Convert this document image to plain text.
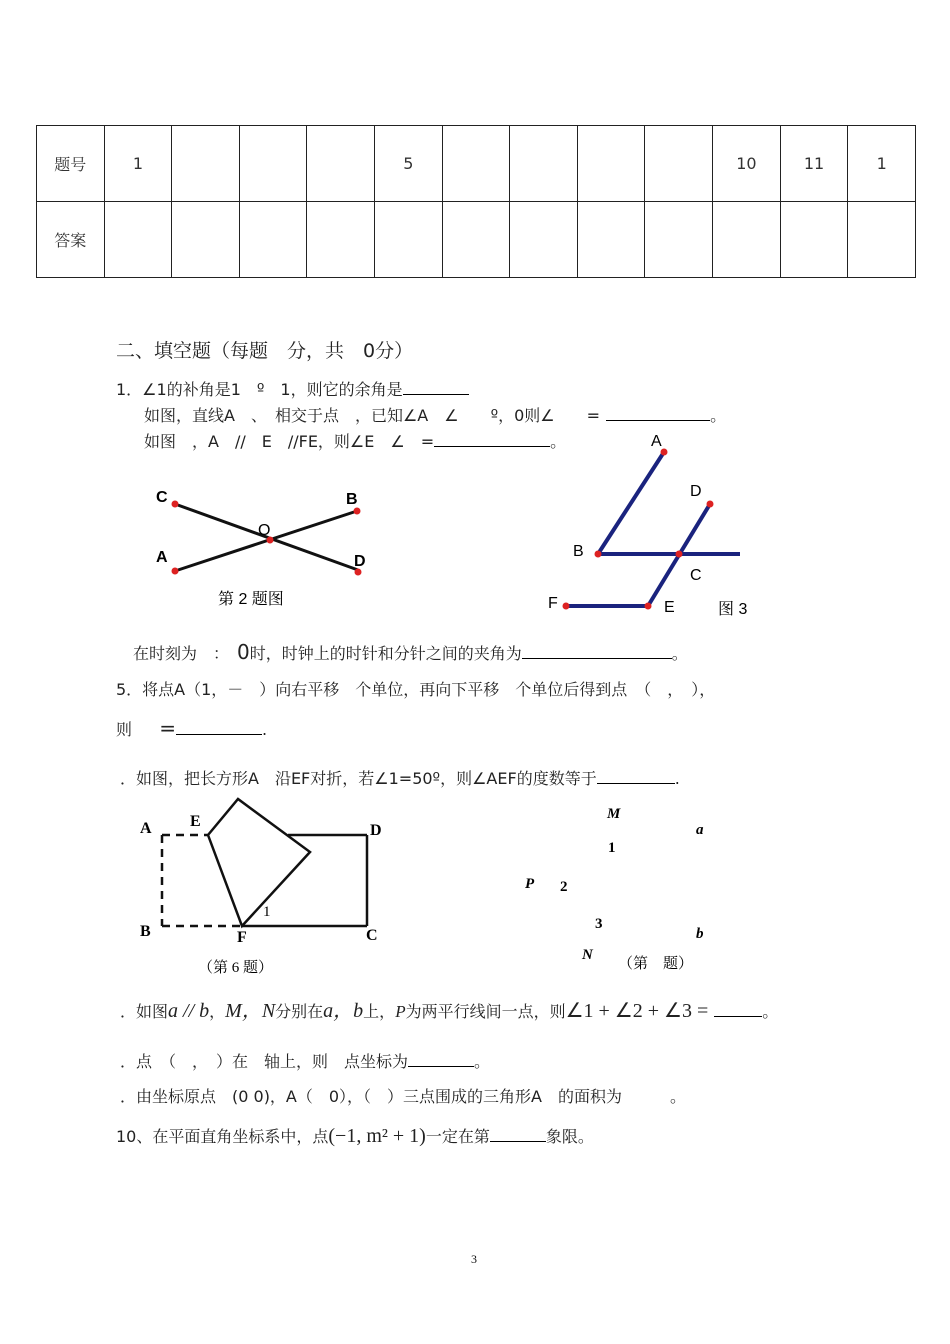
题号	1				5					10	11	1
答案												
二、填空题（每题　分，共　0分）
1．∠1的补角是1　º　1，则它的余角是
如图，直线A　、　相交于点　，已知∠A　∠　　º，0则∠　　=	。
如图　，A　//　E　//FE，则∠E　∠　=	。
C	B
O
A	D
第 2 题图
A
D
B
C
F	E	图 3
在时刻为　：　0时，时钟上的时针和分针之间的夹角为	。
5．将点A（1，－　）向右平移　个单位，再向下平移　个单位后得到点　（　，　），
则 =	.
．如图，把长方形A　沿EF对折，若∠1=50º，则∠AEF的度数等于	.
A E
D
B	F	C
1
（第 6 题）
M
a
1
P 2
3
b
N （第　题）
．如图a // b，M，N分别在a，b上，P为两平行线间一点，则∠1 + ∠2 + ∠3 =	。
．点　（　，　）在　轴上，则　点坐标为	。
．由坐标原点　(0 0)，A（　0），（　）三点围成的三角形A　的面积为　　　。
10、在平面直角坐标系中，点(−1, m² + 1)一定在第	象限。
3
